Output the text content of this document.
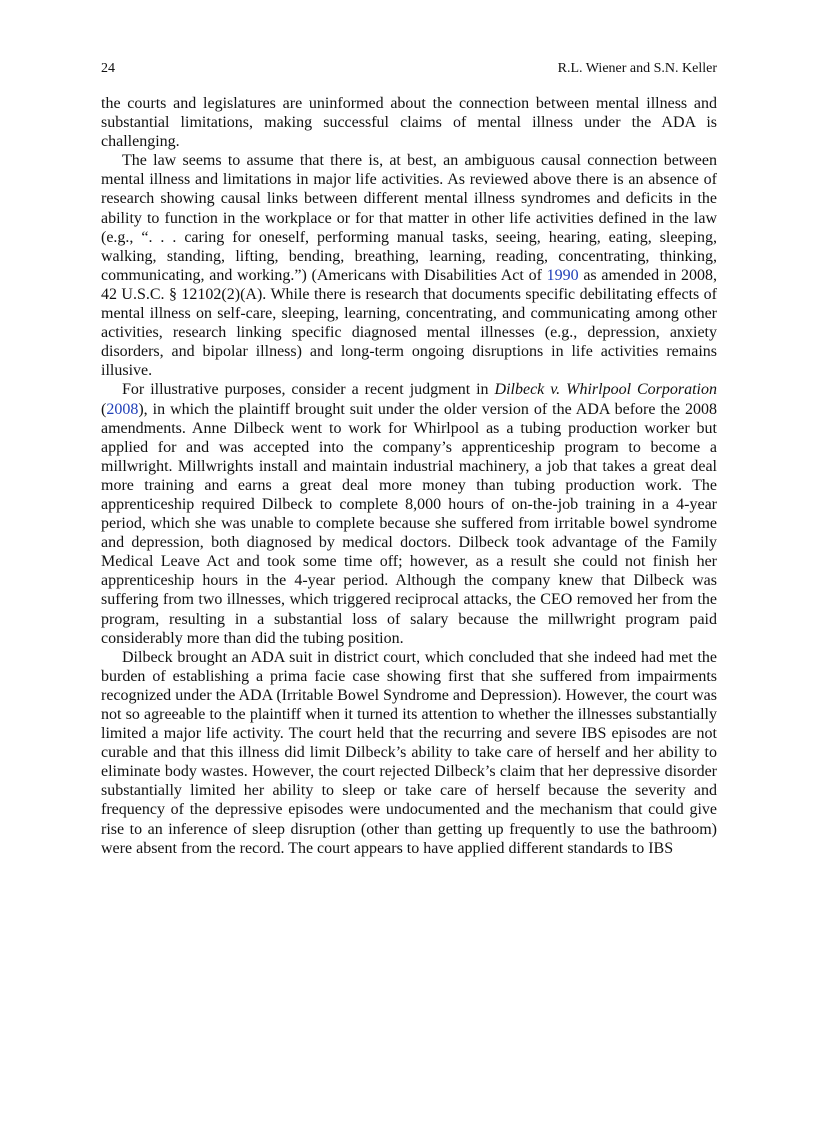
24	R.L. Wiener and S.N. Keller

the courts and legislatures are uninformed about the connection between mental illness and substantial limitations, making successful claims of mental illness under the ADA is challenging.

The law seems to assume that there is, at best, an ambiguous causal connection between mental illness and limitations in major life activities. As reviewed above there is an absence of research showing causal links between different mental illness syndromes and deficits in the ability to function in the workplace or for that matter in other life activities defined in the law (e.g., “. . . caring for oneself, performing manual tasks, seeing, hearing, eating, sleeping, walking, standing, lifting, bending, breathing, learning, reading, concentrating, thinking, communicating, and working.”) (Americans with Disabilities Act of 1990 as amended in 2008, 42 U.S.C. § 12102(2)(A). While there is research that documents specific debilitating effects of mental illness on self-care, sleeping, learning, concentrating, and communicating among other activities, research linking specific diagnosed mental illnesses (e.g., depression, anxiety disorders, and bipolar illness) and long-term ongoing disruptions in life activities remains illusive.

For illustrative purposes, consider a recent judgment in Dilbeck v. Whirlpool Corporation (2008), in which the plaintiff brought suit under the older version of the ADA before the 2008 amendments. Anne Dilbeck went to work for Whirlpool as a tubing production worker but applied for and was accepted into the company’s apprenticeship program to become a millwright. Millwrights install and maintain industrial machinery, a job that takes a great deal more training and earns a great deal more money than tubing production work. The apprenticeship required Dilbeck to complete 8,000 hours of on-the-job training in a 4-year period, which she was unable to complete because she suffered from irritable bowel syndrome and depression, both diagnosed by medical doctors. Dilbeck took advantage of the Family Medical Leave Act and took some time off; however, as a result she could not finish her apprenticeship hours in the 4-year period. Although the company knew that Dilbeck was suffering from two illnesses, which triggered reciprocal attacks, the CEO removed her from the program, resulting in a substantial loss of salary because the millwright program paid considerably more than did the tubing position.

Dilbeck brought an ADA suit in district court, which concluded that she indeed had met the burden of establishing a prima facie case showing first that she suffered from impairments recognized under the ADA (Irritable Bowel Syndrome and Depression). However, the court was not so agreeable to the plaintiff when it turned its attention to whether the illnesses substantially limited a major life activity. The court held that the recurring and severe IBS episodes are not curable and that this illness did limit Dilbeck’s ability to take care of herself and her ability to eliminate body wastes. However, the court rejected Dilbeck’s claim that her depressive disorder substantially limited her ability to sleep or take care of herself because the severity and frequency of the depressive episodes were undocumented and the mechanism that could give rise to an inference of sleep disruption (other than getting up frequently to use the bathroom) were absent from the record. The court appears to have applied different standards to IBS
